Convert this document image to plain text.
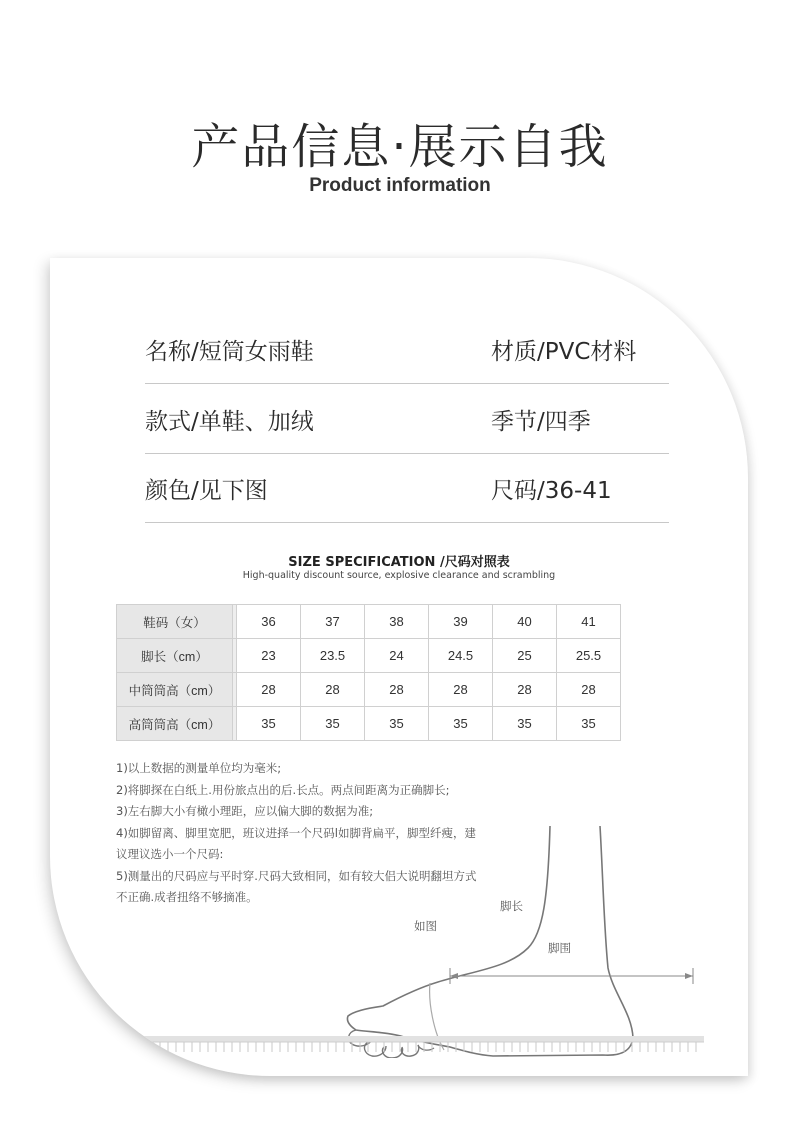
产品信息·展示自我
Product information
名称/短筒女雨鞋	材质/PVC材料
款式/单鞋、加绒	季节/四季
颜色/见下图	尺码/36-41
SIZE SPECIFICATION /尺码对照表
High-quality discount source, explosive clearance and scrambling
鞋码（女）		36	37	38	39	40	41
脚长（cm）		23	23.5	24	24.5	25	25.5
中筒筒高（cm）		28	28	28	28	28	28
高筒筒高（cm）		35	35	35	35	35	35

1)以上数据的测量单位均为毫米;

2)将脚探在白纸上.用份旅点出的后.长点。两点间距离为正确脚长;

3)左右脚大小有橄小理距，应以偏大脚的数据为准;

4)如脚留离、脚里宽肥，班议进择一个尺码l如脚背扁平，脚型纤瘦，建

议理议选小一个尺码:

5)测量出的尺码应与平时穿.尺码大致相同，如有较大侣大说明翻坦方式

不正确.成者扭络不够摘准。

如图
脚长
脚围
